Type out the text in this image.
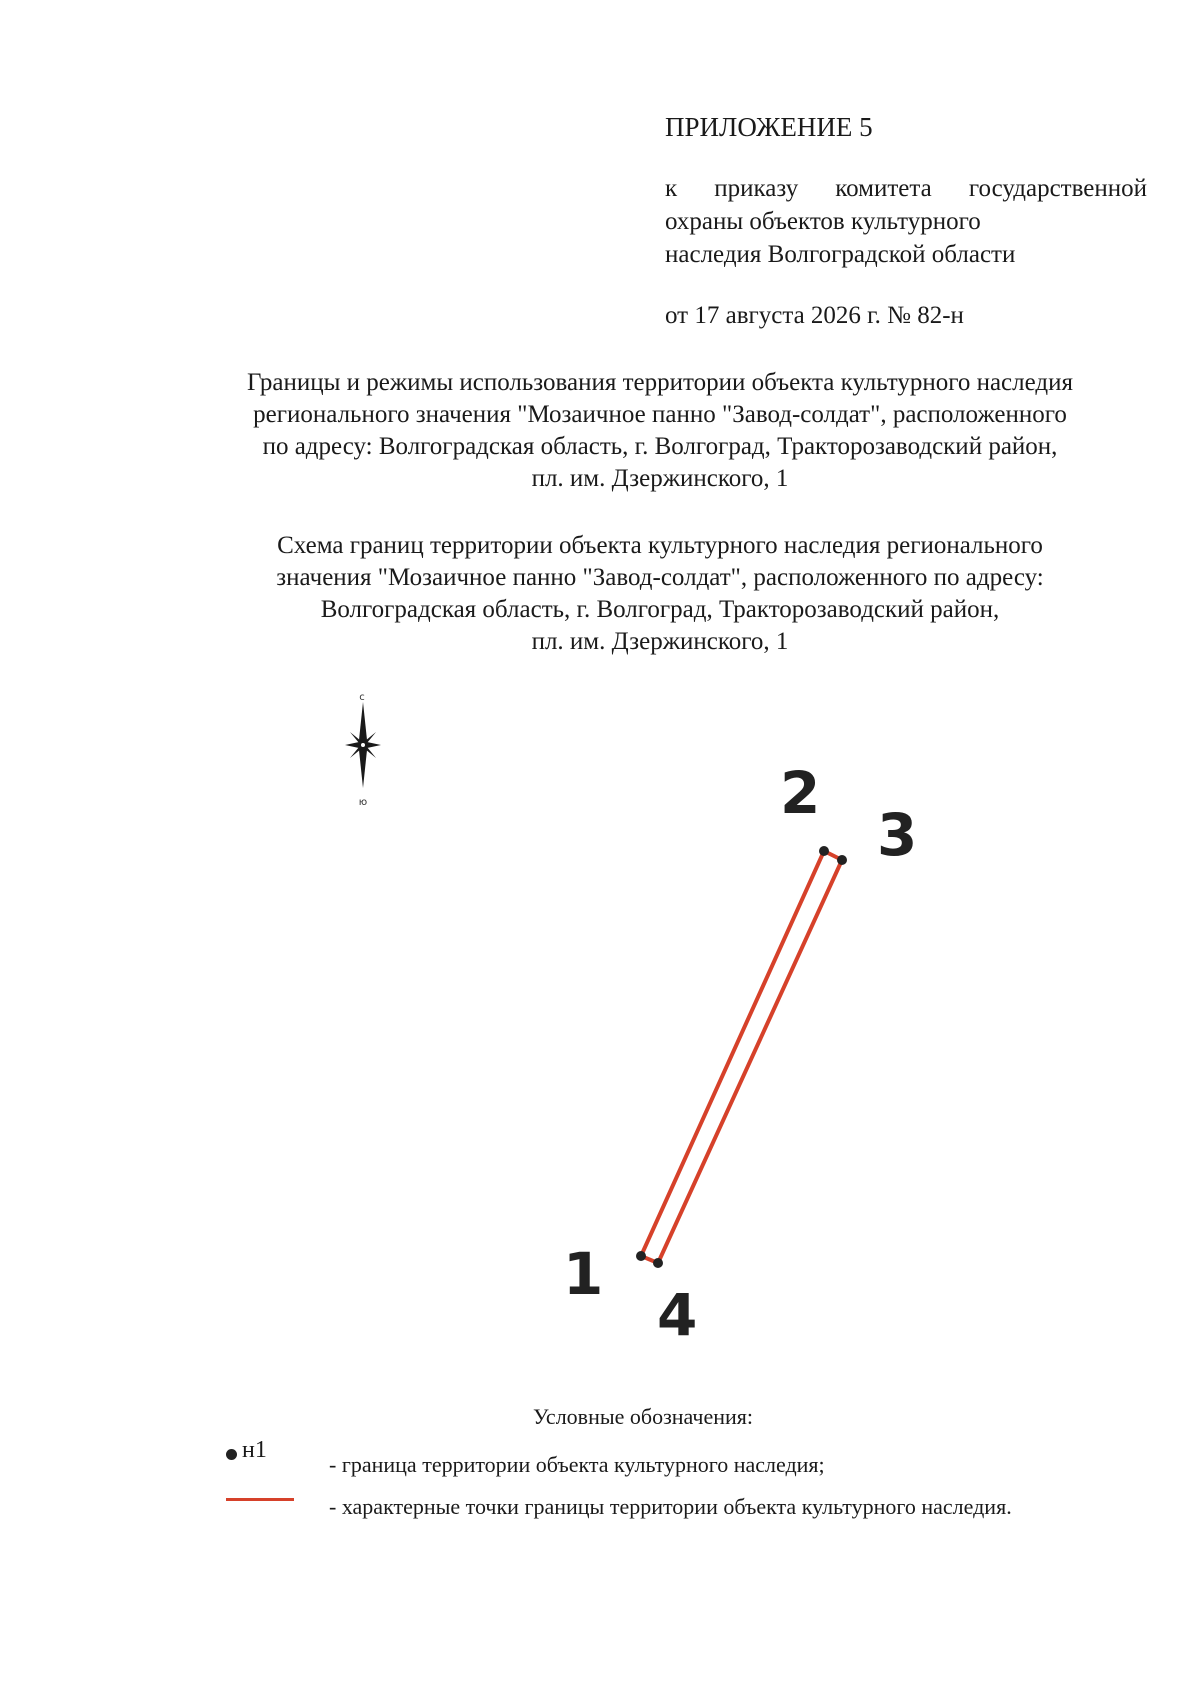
ПРИЛОЖЕНИЕ 5
к приказу комитета государственной
охраны объектов культурного
наследия Волгоградской области
от 17 августа 2026 г. № 82-н
Границы и режимы использования территории объекта культурного наследия
регионального значения "Мозаичное панно "Завод-солдат", расположенного
по адресу: Волгоградская область, г. Волгоград, Тракторозаводский район,
пл. им. Дзержинского, 1
Схема границ территории объекта культурного наследия регионального
значения "Мозаичное панно "Завод-солдат", расположенного по адресу:
Волгоградская область, г. Волгоград, Тракторозаводский район,
пл. им. Дзержинского, 1
с
ю
1
2
3
4
Условные обозначения:
н1- граница территории объекта культурного наследия;
- характерные точки границы территории объекта культурного наследия.
